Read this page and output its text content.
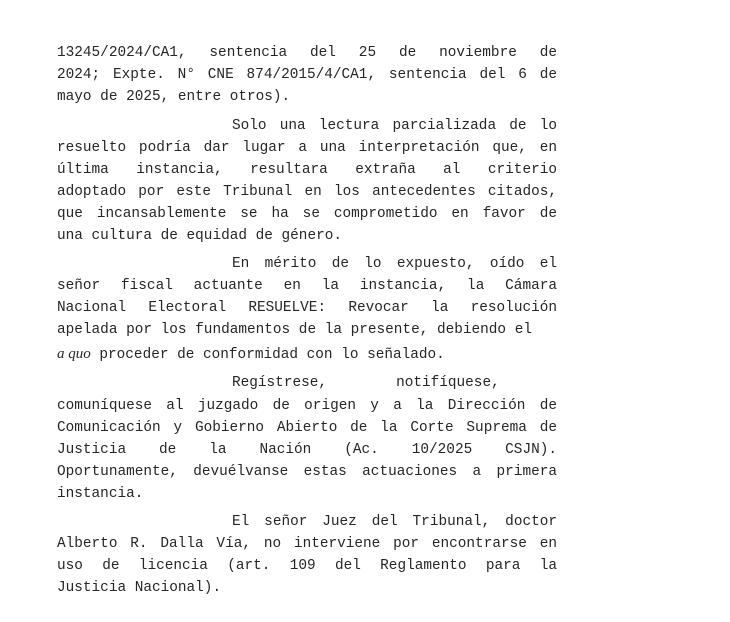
13245/2024/CA1, sentencia del 25 de noviembre de
2024; Expte. N° CNE 874/2015/4/CA1, sentencia del 6 de
mayo de 2025, entre otros).
Solo una lectura parcializada de lo
resuelto podría dar lugar a una interpretación que, en
última instancia, resultara extraña al criterio
adoptado por este Tribunal en los antecedentes citados,
que incansablemente se ha se comprometido en favor de
una cultura de equidad de género.
En mérito de lo expuesto, oído el
señor fiscal actuante en la instancia, la Cámara
Nacional Electoral RESUELVE: Revocar la resolución
apelada por los fundamentos de la presente, debiendo el
a quo proceder de conformidad con lo señalado.
Regístrese,        notifíquese,
comuníquese al juzgado de origen y a la Dirección de
Comunicación y Gobierno Abierto de la Corte Suprema de
Justicia de la Nación (Ac. 10/2025 CSJN).
Oportunamente, devuélvanse estas actuaciones a primera
instancia.
El señor Juez del Tribunal, doctor
Alberto R. Dalla Vía, no interviene por encontrarse en
uso de licencia (art. 109 del Reglamento para la
Justicia Nacional).
